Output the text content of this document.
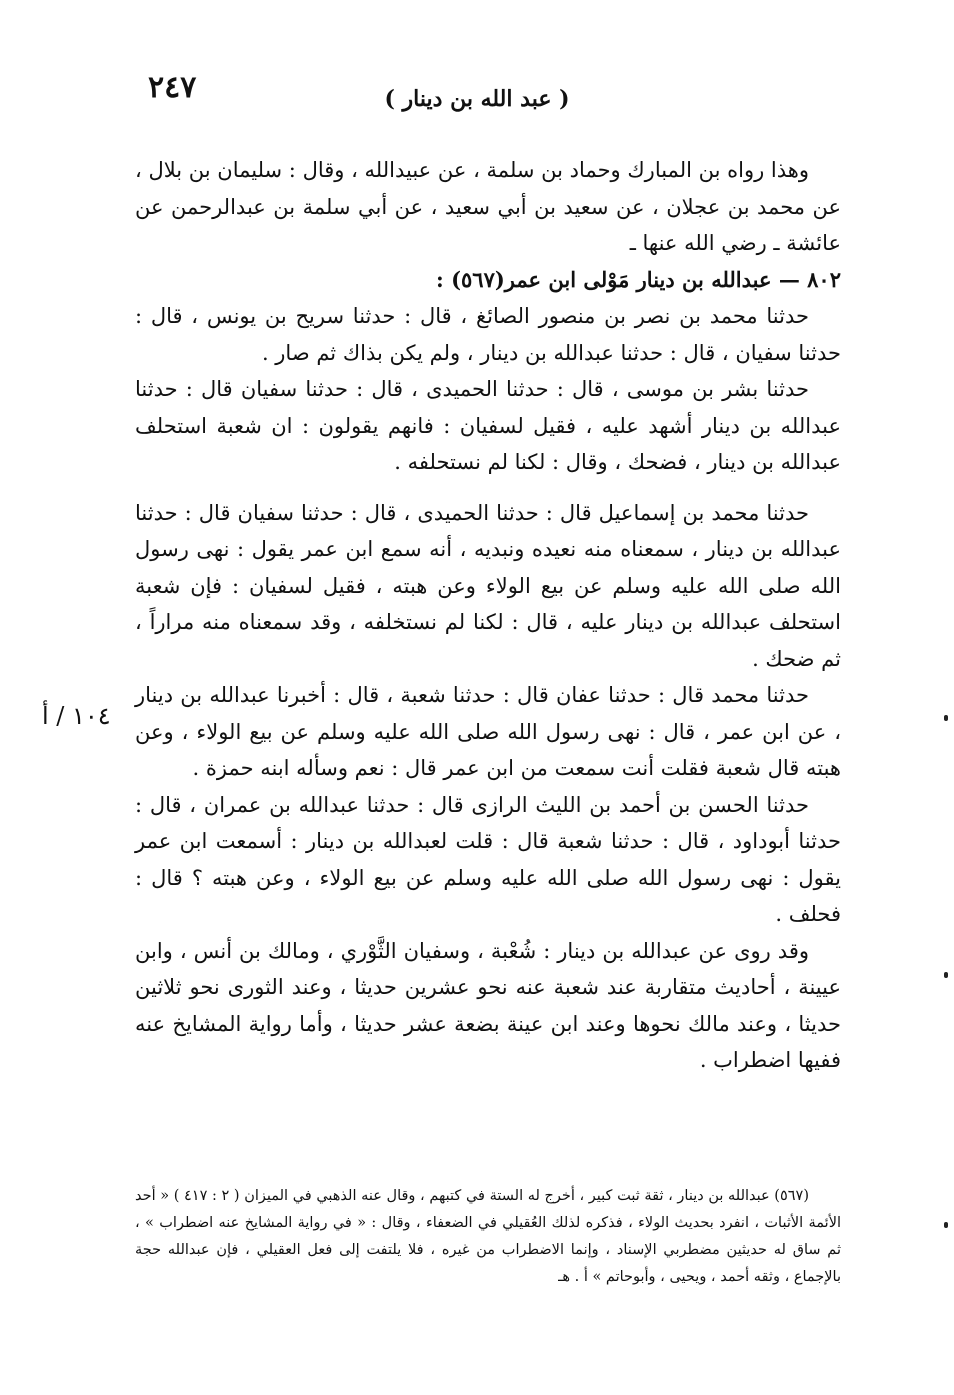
٢٤٧	( عبد الله بن دينار )
١٠٤ / أ

وهذا رواه بن المبارك وحماد بن سلمة ، عن عبيدالله ، وقال : سليمان بن بلال ، عن محمد بن عجلان ، عن سعيد بن أبي سعيد ، عن أبي سلمة بن عبدالرحمن عن عائشة ـ رضي الله عنها ـ

٨٠٢ — عبدالله بن دينار مَوْلى ابن عمر(٥٦٧) :

حدثنا محمد بن نصر بن منصور الصائغ ، قال : حدثنا سريح بن يونس ، قال : حدثنا سفيان ، قال : حدثنا عبدالله بن دينار ، ولم يكن بذاك ثم صار .

حدثنا بشر بن موسى ، قال : حدثنا الحميدى ، قال : حدثنا سفيان قال : حدثنا عبدالله بن دينار أشهد عليه ، فقيل لسفيان : فانهم يقولون : ان شعبة استحلف عبدالله بن دينار ، فضحك ، وقال : لكنا لم نستحلفه .

حدثنا محمد بن إسماعيل قال : حدثنا الحميدى ، قال : حدثنا سفيان قال : حدثنا عبدالله بن دينار ، سمعناه منه نعيده ونبديه ، أنه سمع ابن عمر يقول : نهى رسول الله صلى الله عليه وسلم عن بيع الولاء وعن هبته ، فقيل لسفيان : فإن شعبة استحلف عبدالله بن دينار عليه ، قال : لكنا لم نستخلفه ، وقد سمعناه منه مراراً ، ثم ضحك .

حدثنا محمد قال : حدثنا عفان قال : حدثنا شعبة ، قال : أخبرنا عبدالله بن دينار ، عن ابن عمر ، قال : نهى رسول الله صلى الله عليه وسلم عن بيع الولاء ، وعن هبته قال شعبة فقلت أنت سمعت من ابن عمر قال : نعم وسأله ابنه حمزة .

حدثنا الحسن بن أحمد بن الليث الرازى قال : حدثنا عبدالله بن عمران ، قال : حدثنا أبوداود ، قال : حدثنا شعبة قال : قلت لعبدالله بن دينار : أسمعت ابن عمر يقول : نهى رسول الله صلى الله عليه وسلم عن بيع الولاء ، وعن هبته ؟ قال : فحلف .

وقد روى عن عبدالله بن دينار : شُعْبة ، وسفيان الثَّوْري ، ومالك بن أنس ، وابن عيينة ، أحاديث متقاربة عند شعبة عنه نحو عشرين حديثا ، وعند الثورى نحو ثلاثين حديثا ، وعند مالك نحوها وعند ابن عينة بضعة عشر حديثا ، وأما رواية المشايخ عنه ففيها اضطراب .

(٥٦٧) عبدالله بن دينار ، ثقة ثبت كبير ، أخرج له الستة في كتبهم ، وقال عنه الذهبي في الميزان ( ٢ : ٤١٧ ) « أحد الأئمة الأثبات ، انفرد بحديث الولاء ، فذكره لذلك العُقيلي في الضعفاء ، وقال : « في رواية المشايخ عنه اضطراب » ، ثم ساق له حديثين مضطربي الإسناد ، وإنما الاضطراب من غيره ، فلا يلتفت إلى فعل العقيلي ، فإن عبدالله حجة بالإجماع ، وثقه أحمد ، ويحيى ، وأبوحاتم » أ . هـ
